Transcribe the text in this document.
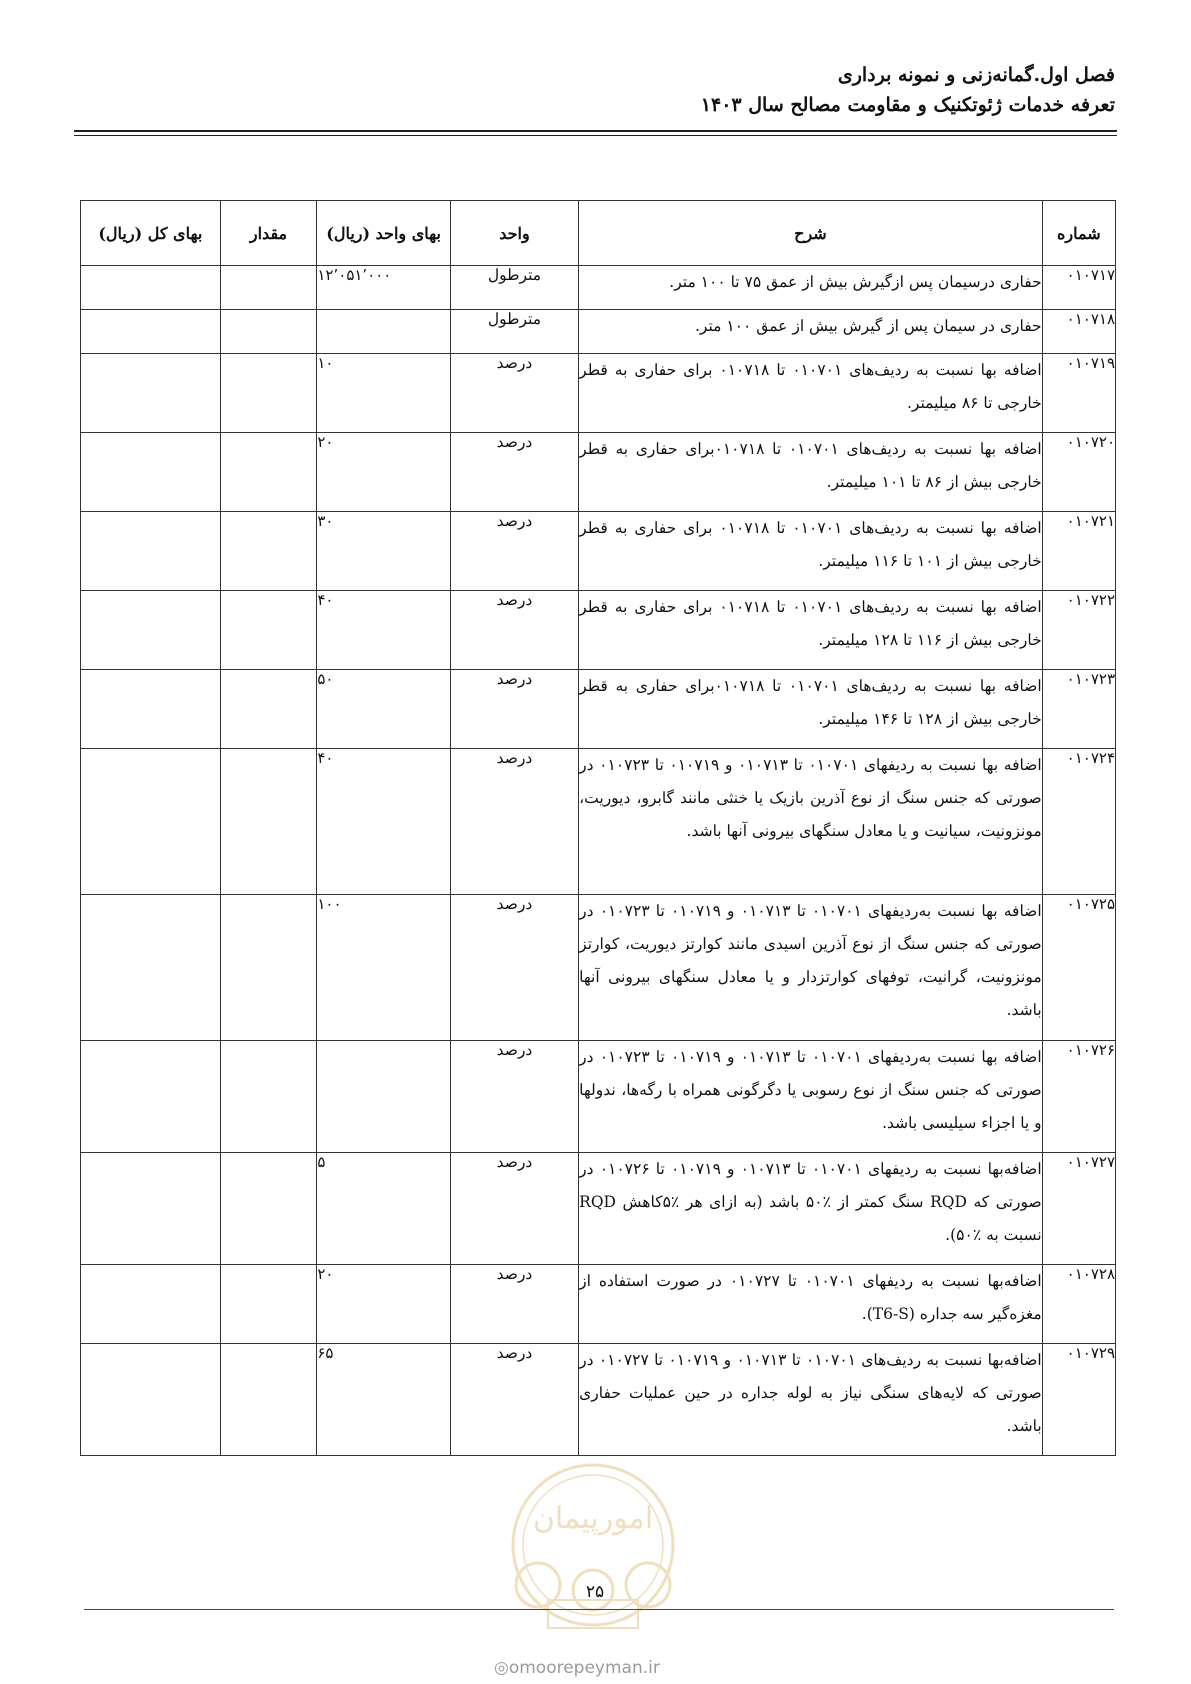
فصل اول.گمانه‌زنی و نمونه برداری
تعرفه خدمات ژئوتکنیک و مقاومت مصالح سال ۱۴۰۳
شماره	شرح	واحد	بهای واحد (ریال)	مقدار	بهای کل (ریال)
۰۱۰۷۱۷	حفاری درسیمان پس ازگیرش بیش از عمق ۷۵ تا ۱۰۰ متر.	مترطول	۱۲٬۰۵۱٬۰۰۰		
۰۱۰۷۱۸	حفاری در سیمان پس از گیرش بیش از عمق ۱۰۰ متر.	مترطول			
۰۱۰۷۱۹	اضافه بها نسبت به ردیف‌های ۰۱۰۷۰۱ تا ۰۱۰۷۱۸ برای حفاری به قطر خارجی تا ۸۶ میلیمتر.	درصد	۱۰		
۰۱۰۷۲۰	اضافه بها نسبت به ردیف‌های ۰۱۰۷۰۱ تا ۰۱۰۷۱۸برای حفاری به قطر خارجی بیش از ۸۶ تا ۱۰۱ میلیمتر.	درصد	۲۰		
۰۱۰۷۲۱	اضافه بها نسبت به ردیف‌های ۰۱۰۷۰۱ تا ۰۱۰۷۱۸ برای حفاری به قطر خارجی بیش از ۱۰۱ تا ۱۱۶ میلیمتر.	درصد	۳۰		
۰۱۰۷۲۲	اضافه بها نسبت به ردیف‌های ۰۱۰۷۰۱ تا ۰۱۰۷۱۸ برای حفاری به قطر خارجی بیش از ۱۱۶ تا ۱۲۸ میلیمتر.	درصد	۴۰		
۰۱۰۷۲۳	اضافه بها نسبت به ردیف‌های ۰۱۰۷۰۱ تا ۰۱۰۷۱۸برای حفاری به قطر خارجی بیش از ۱۲۸ تا ۱۴۶ میلیمتر.	درصد	۵۰		
۰۱۰۷۲۴	اضافه بها نسبت به ردیفهای ۰۱۰۷۰۱ تا ۰۱۰۷۱۳ و ۰۱۰۷۱۹ تا ۰۱۰۷۲۳ در صورتی که جنس سنگ از نوع آذرین بازیک یا خنثی مانند گابرو، دیوریت، مونزونیت، سیانیت و یا معادل سنگهای بیرونی آنها باشد.	درصد	۴۰		
۰۱۰۷۲۵	اضافه بها نسبت به‌ردیفهای ۰۱۰۷۰۱ تا ۰۱۰۷۱۳ و ۰۱۰۷۱۹ تا ۰۱۰۷۲۳ در صورتی که جنس سنگ از نوع آذرین اسیدی مانند کوارتز دیوریت، کوارتز مونزونیت، گرانیت، توفهای کوارتزدار و یا معادل سنگهای بیرونی آنها باشد.	درصد	۱۰۰		
۰۱۰۷۲۶	اضافه بها نسبت به‌ردیفهای ۰۱۰۷۰۱ تا ۰۱۰۷۱۳ و ۰۱۰۷۱۹ تا ۰۱۰۷۲۳ در صورتی که جنس سنگ از نوع رسوبی یا دگرگونی همراه با رگه‌ها، ندولها و یا اجزاء سیلیسی باشد.	درصد			
۰۱۰۷۲۷	اضافه‌بها نسبت به ردیفهای ۰۱۰۷۰۱ تا ۰۱۰۷۱۳ و ۰۱۰۷۱۹ تا ۰۱۰۷۲۶ در صورتی که RQD سنگ کمتر از ٪۵۰ باشد (به ازای هر ٪۵کاهش RQD نسبت به ٪۵۰).	درصد	۵		
۰۱۰۷۲۸	اضافه‌بها نسبت به ردیفهای ۰۱۰۷۰۱ تا ۰۱۰۷۲۷ در صورت استفاده از مغزه‌گیر سه جداره (T6-S).	درصد	۲۰		
۰۱۰۷۲۹	اضافه‌بها نسبت به ردیف‌های ۰۱۰۷۰۱ تا ۰۱۰۷۱۳ و ۰۱۰۷۱۹ تا ۰۱۰۷۲۷ در صورتی که لایه‌های سنگی نیاز به لوله جداره در حین عملیات حفاری باشد.	درصد	۶۵		
امورپیمان
۲۵
◎omoorepeyman.ir
